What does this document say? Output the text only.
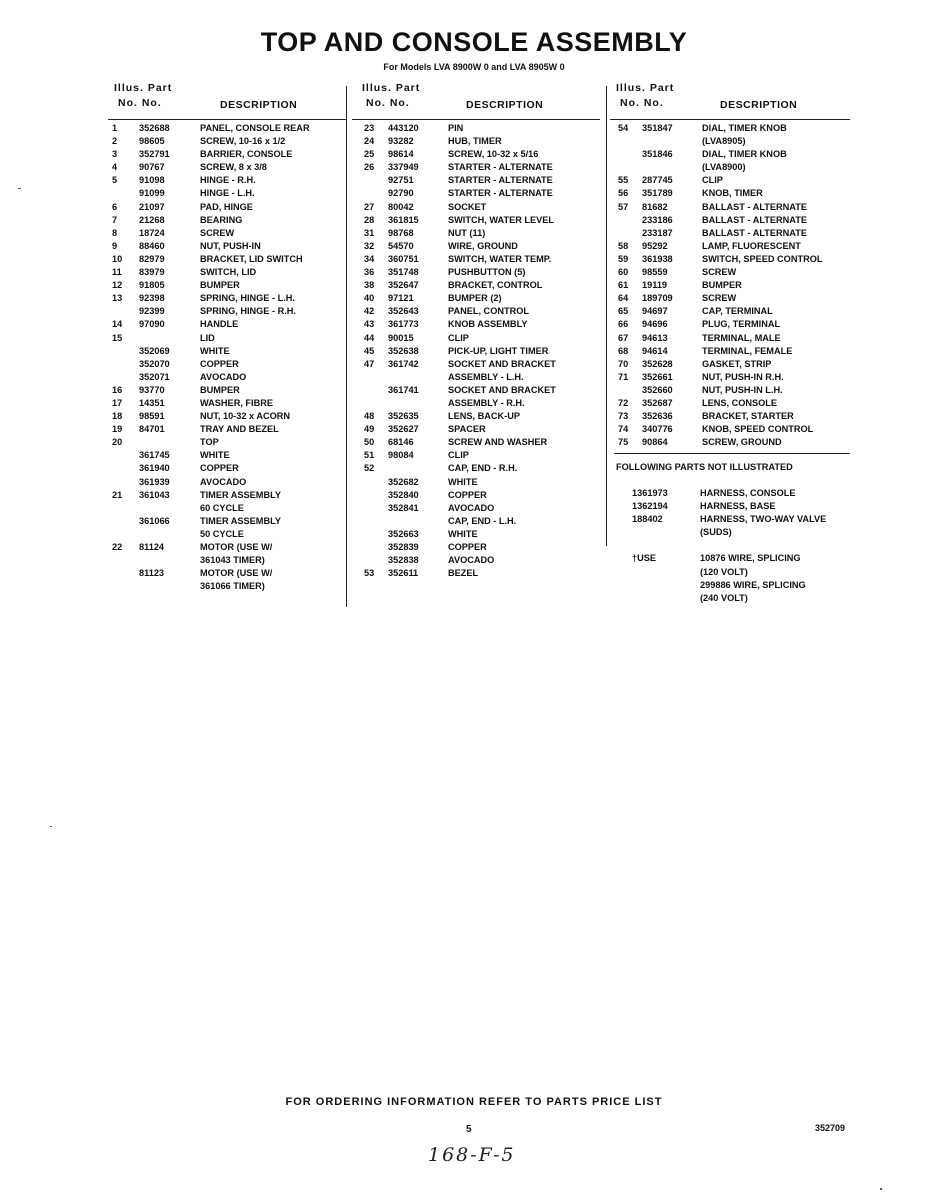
TOP AND CONSOLE ASSEMBLY
For Models LVA 8900W 0 and LVA 8905W 0
Illus. Part
No. No.	DESCRIPTION
1 352688	PANEL, CONSOLE REAR
2 98605	SCREW, 10-16 x 1/2
3 352791	BARRIER, CONSOLE
4 90767	SCREW, 8 x 3/8
5 91098	HINGE - R.H.
91099	HINGE - L.H.
6 21097	PAD, HINGE
7 21268	BEARING
8 18724	SCREW
9 88460	NUT, PUSH-IN
10 82979	BRACKET, LID SWITCH
11 83979	SWITCH, LID
12 91805	BUMPER
13 92398	SPRING, HINGE - L.H.
92399	SPRING, HINGE - R.H.
14 97090	HANDLE
15	LID
352069	WHITE
352070	COPPER
352071	AVOCADO
16 93770	BUMPER
17 14351	WASHER, FIBRE
18 98591	NUT, 10-32 x ACORN
19 84701	TRAY AND BEZEL
20	TOP
361745	WHITE
361940	COPPER
361939	AVOCADO
21 361043	TIMER ASSEMBLY
60 CYCLE
361066	TIMER ASSEMBLY
50 CYCLE
22 81124	MOTOR (USE W/
361043 TIMER)
81123	MOTOR (USE W/
361066 TIMER)
Illus. Part
No. No.	DESCRIPTION
23 443120	PIN
24 93282	HUB, TIMER
25 98614	SCREW, 10-32 x 5/16
26 337949	STARTER - ALTERNATE
92751	STARTER - ALTERNATE
92790	STARTER - ALTERNATE
27 80042	SOCKET
28 361815	SWITCH, WATER LEVEL
31 98768	NUT (11)
32 54570	WIRE, GROUND
34 360751	SWITCH, WATER TEMP.
36 351748	PUSHBUTTON (5)
38 352647	BRACKET, CONTROL
40 97121	BUMPER (2)
42 352643	PANEL, CONTROL
43 361773	KNOB ASSEMBLY
44 90015	CLIP
45 352638	PICK-UP, LIGHT TIMER
47 361742	SOCKET AND BRACKET
ASSEMBLY - L.H.
361741	SOCKET AND BRACKET
ASSEMBLY - R.H.
48 352635	LENS, BACK-UP
49 352627	SPACER
50 68146	SCREW AND WASHER
51 98084	CLIP
52	CAP, END - R.H.
352682	WHITE
352840	COPPER
352841	AVOCADO
CAP, END - L.H.
352663	WHITE
352839	COPPER
352838	AVOCADO
53 352611	BEZEL
Illus. Part
No. No.	DESCRIPTION
54 351847	DIAL, TIMER KNOB
(LVA8905)
351846	DIAL, TIMER KNOB
(LVA8900)
55 287745	CLIP
56 351789	KNOB, TIMER
57 81682	BALLAST - ALTERNATE
233186	BALLAST - ALTERNATE
233187	BALLAST - ALTERNATE
58 95292	LAMP, FLUORESCENT
59 361938	SWITCH, SPEED CONTROL
60 98559	SCREW
61 19119	BUMPER
64 189709	SCREW
65 94697	CAP, TERMINAL
66 94696	PLUG, TERMINAL
67 94613	TERMINAL, MALE
68 94614	TERMINAL, FEMALE
70 352628	GASKET, STRIP
71 352661	NUT, PUSH-IN R.H.
352660	NUT, PUSH-IN L.H.
72 352687	LENS, CONSOLE
73 352636	BRACKET, STARTER
74 340776	KNOB, SPEED CONTROL
75 90864	SCREW, GROUND
FOLLOWING PARTS NOT ILLUSTRATED
1361973	HARNESS, CONSOLE
1362194	HARNESS, BASE
188402	HARNESS, TWO-WAY VALVE
(SUDS)
†USE	10876 WIRE, SPLICING
(120 VOLT)
299886 WIRE, SPLICING
(240 VOLT)
FOR ORDERING INFORMATION REFER TO PARTS PRICE LIST
5	352709
168-F-5
